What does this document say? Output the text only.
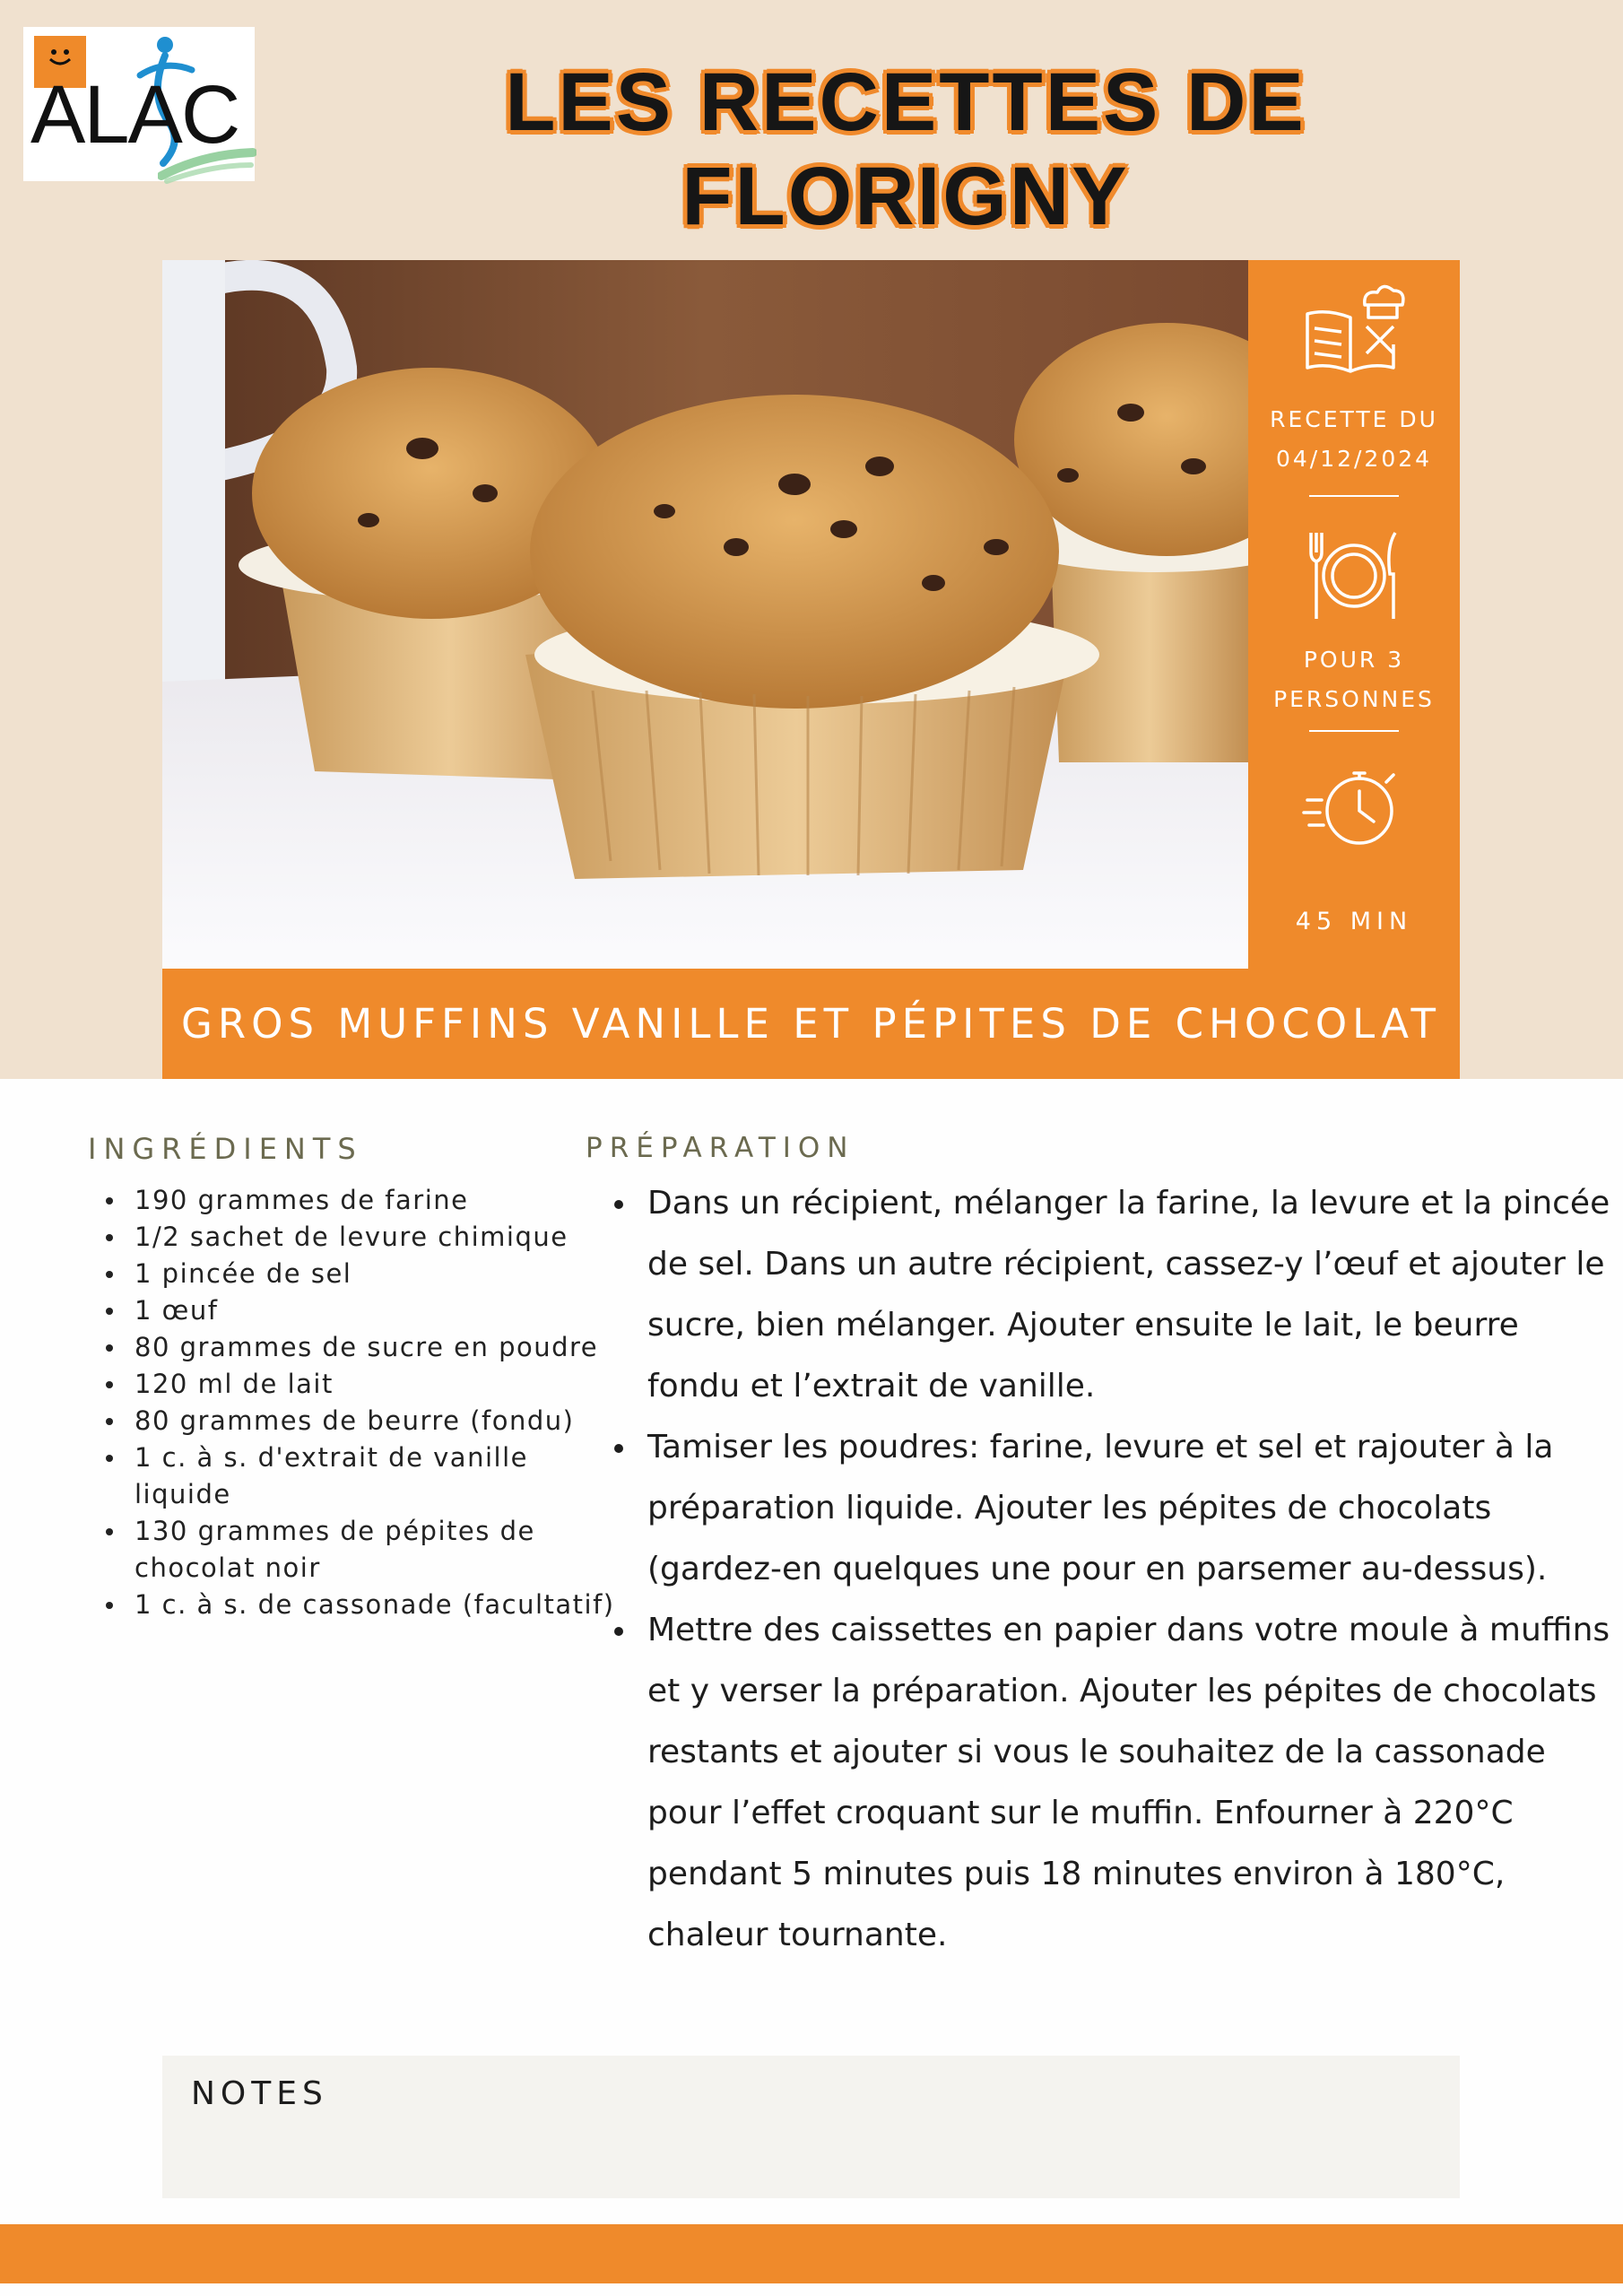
ALAC	LES RECETTES DE FLORIGNY
RECETTE DU
04/12/2024
POUR 3
PERSONNES
45 MIN
GROS MUFFINS VANILLE ET PÉPITES DE CHOCOLAT
INGRÉDIENTS
190 grammes de farine
1/2 sachet de levure chimique
1 pincée de sel
1 œuf
80 grammes de sucre en poudre
120 ml de lait
80 grammes de beurre (fondu)
1 c. à s. d'extrait de vanille liquide
130 grammes de pépites de chocolat noir
1 c. à s. de cassonade (facultatif)
PRÉPARATION
Dans un récipient, mélanger la farine, la levure et la pincée de sel. Dans un autre récipient, cassez-y l’œuf et ajouter le sucre, bien mélanger. Ajouter ensuite le lait, le beurre fondu et l’extrait de vanille.
Tamiser les poudres: farine, levure et sel et rajouter à la préparation liquide. Ajouter les pépites de chocolats (gardez-en quelques une pour en parsemer au-dessus).
Mettre des caissettes en papier dans votre moule à muffins et y verser la préparation. Ajouter les pépites de chocolats restants et ajouter si vous le souhaitez de la cassonade pour l’effet croquant sur le muffin. Enfourner à 220°C pendant 5 minutes puis 18 minutes environ à 180°C, chaleur tournante.
NOTES
